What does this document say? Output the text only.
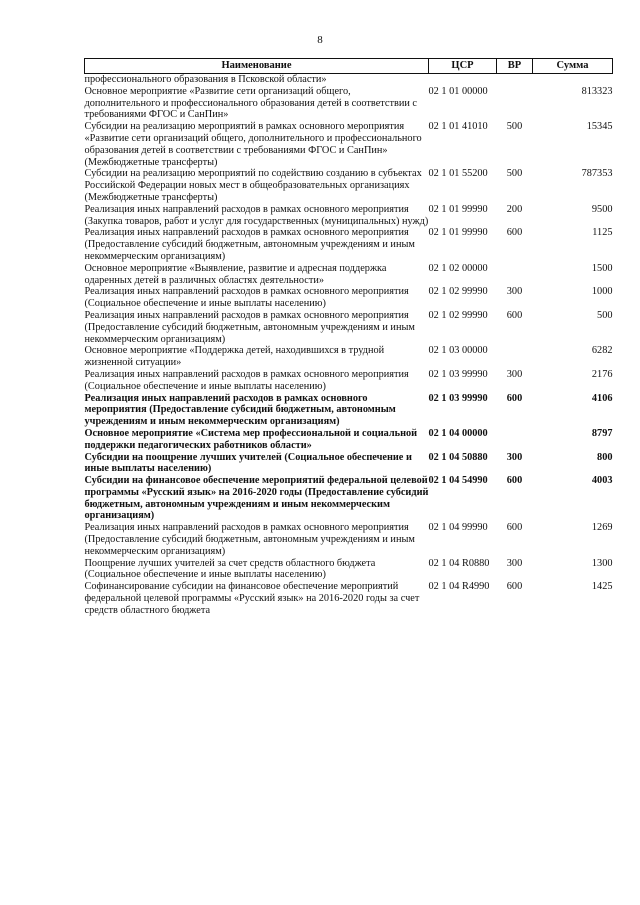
8
Наименование	ЦСР	ВР	Сумма
профессионального образования в Псковской области»			
Основное мероприятие «Развитие сети организаций общего, дополнительного и профессионального образования детей в соответствии с требованиями ФГОС и СанПин»	02 1 01 00000		813323
Субсидии на реализацию мероприятий в рамках основного мероприятия «Развитие сети организаций общего, дополнительного и профессионального образования детей в соответствии с требованиями ФГОС и СанПин» (Межбюджетные трансферты)	02 1 01 41010	500	15345
Субсидии на реализацию мероприятий по содействию созданию в субъектах Российской Федерации новых мест в общеобразовательных организациях (Межбюджетные трансферты)	02 1 01 55200	500	787353
Реализация иных направлений расходов в рамках основного мероприятия (Закупка товаров, работ и услуг для государственных (муниципальных) нужд)	02 1 01 99990	200	9500
Реализация иных направлений расходов в рамках основного мероприятия (Предоставление субсидий бюджетным, автономным учреждениям и иным некоммерческим организациям)	02 1 01 99990	600	1125
Основное мероприятие «Выявление, развитие и адресная поддержка одаренных детей в различных областях деятельности»	02 1 02 00000		1500
Реализация иных направлений расходов в рамках основного мероприятия (Социальное обеспечение и иные выплаты населению)	02 1 02 99990	300	1000
Реализация иных направлений расходов в рамках основного мероприятия (Предоставление субсидий бюджетным, автономным учреждениям и иным некоммерческим организациям)	02 1 02 99990	600	500
Основное мероприятие «Поддержка детей, находившихся в трудной жизненной ситуации»	02 1 03 00000		6282
Реализация иных направлений расходов в рамках основного мероприятия (Социальное обеспечение и иные выплаты населению)	02 1 03 99990	300	2176
Реализация иных направлений расходов в рамках основного мероприятия (Предоставление субсидий бюджетным, автономным учреждениям и иным некоммерческим организациям)	02 1 03 99990	600	4106
Основное мероприятие «Система мер профессиональной и социальной поддержки педагогических работников области»	02 1 04 00000		8797
Субсидии на поощрение лучших учителей (Социальное обеспечение и иные выплаты населению)	02 1 04 50880	300	800
Субсидии на финансовое обеспечение мероприятий федеральной целевой программы «Русский язык» на 2016-2020 годы (Предоставление субсидий бюджетным, автономным учреждениям и иным некоммерческим организациям)	02 1 04 54990	600	4003
Реализация иных направлений расходов в рамках основного мероприятия (Предоставление субсидий бюджетным, автономным учреждениям и иным некоммерческим организациям)	02 1 04 99990	600	1269
Поощрение лучших учителей за счет средств областного бюджета (Социальное обеспечение и иные выплаты населению)	02 1 04 R0880	300	1300
Софинансирование субсидии на финансовое обеспечение мероприятий федеральной целевой программы «Русский язык» на 2016-2020 годы за счет средств областного бюджета	02 1 04 R4990	600	1425
